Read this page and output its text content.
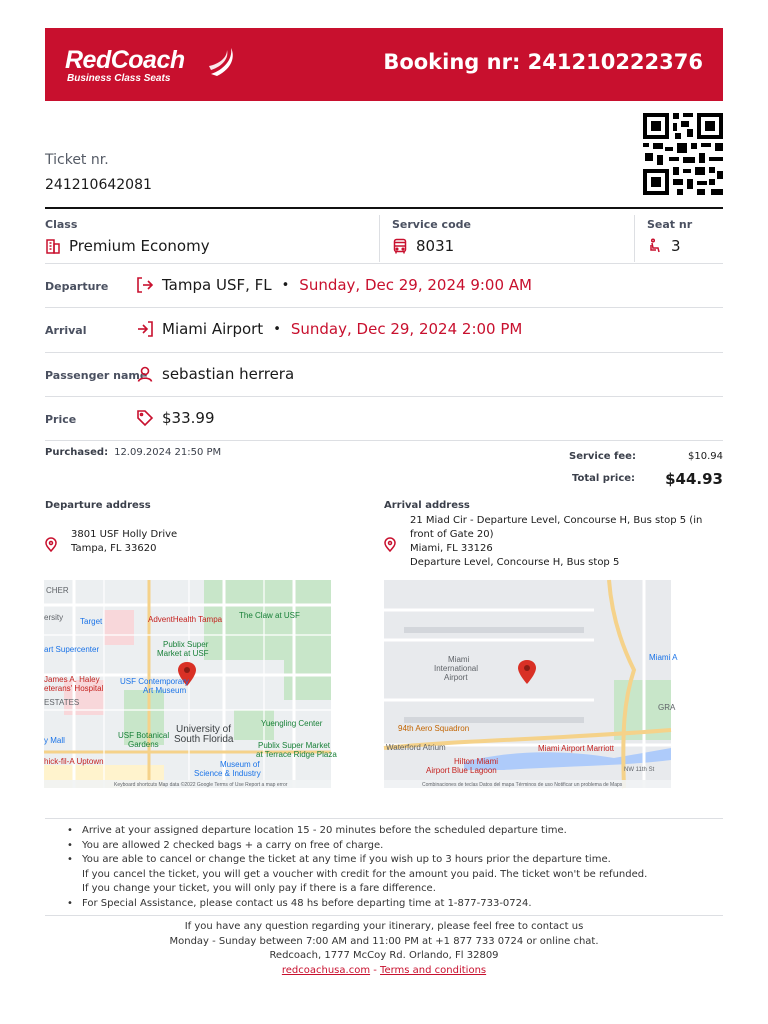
RedCoach
Business Class Seats
Booking nr: 241210222376
Ticket nr.
241210642081
Class
Premium Economy
Service code
8031
Seat nr
3
Departure	Tampa USF, FL • Sunday, Dec 29, 2024 9:00 AM
Arrival	Miami Airport • Sunday, Dec 29, 2024 2:00 PM
Passenger name sebastian herrera
Price	$33.99
Purchased: 12.09.2024 21:50 PM	Service fee:	$10.94
Total price: $44.93
Departure address
3801 USF Holly Drive
Tampa, FL 33620
Arrival address
21 Miad Cir - Departure Level, Concourse H, Bus stop 5 (in
front of Gate 20)
Miami, FL 33126
Departure Level, Concourse H, Bus stop 5
CHER
ersity Target	AdventHealth Tampa The Claw at USF
Publix Super
Market at USF
art Supercenter
James A. Haley
eterans' Hospital
USF Contemporary
Art Museum
ESTATES
University of
South Florida
Yuengling Center
USF Botanical
Gardens
y Mall
Publix Super Market
at Terrace Ridge Plaza
Museum of
Science & Industry
hick-fil-A Uptown
Keyboard shortcuts Map data ©2022 Google Terms of Use Report a map error
Miami
International
Airport
94th Aero Squadron
Waterford Atrium
Hilton Miami
Airport Blue Lagoon
Miami Airport Marriott
Miami A
NW 11th St
GRA
Combinaciones de teclas Datos del mapa Términos de uso Notificar un problema de Maps
• Arrive at your assigned departure location 15 - 20 minutes before the scheduled departure time.
• You are allowed 2 checked bags + a carry on free of charge.
• You are able to cancel or change the ticket at any time if you wish up to 3 hours prior the departure time.
If you cancel the ticket, you will get a voucher with credit for the amount you paid. The ticket won't be refunded.
If you change your ticket, you will only pay if there is a fare difference.
• For Special Assistance, please contact us 48 hs before departing time at 1-877-733-0724.
If you have any question regarding your itinerary, please feel free to contact us
Monday - Sunday between 7:00 AM and 11:00 PM at +1 877 733 0724 or online chat.
Redcoach, 1777 McCoy Rd. Orlando, Fl 32809
redcoachusa.com - Terms and conditions
